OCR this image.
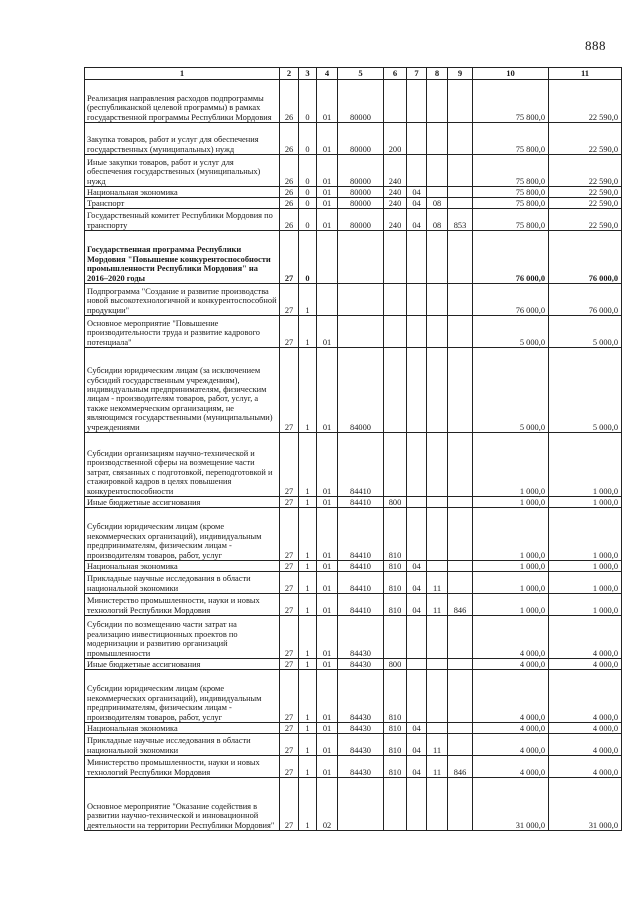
888
1	2	3	4	5	6	7	8	9	10	11
Реализация направления расходов подпрограммы (республиканской целевой программы) в рамках государственной программы Республики Мордовия	26	0	01	80000					75 800,0	22 590,0
Закупка товаров, работ и услуг для обеспечения государственных (муниципальных) нужд	26	0	01	80000	200				75 800,0	22 590,0
Иные закупки товаров, работ и услуг для обеспечения государственных (муниципальных) нужд	26	0	01	80000	240				75 800,0	22 590,0
Национальная экономика	26	0	01	80000	240	04			75 800,0	22 590,0
Транспорт	26	0	01	80000	240	04	08		75 800,0	22 590,0
Государственный комитет Республики Мордовия по транспорту	26	0	01	80000	240	04	08	853	75 800,0	22 590,0
Государственная программа Республики Мордовия "Повышение конкурентоспособности промышленности Республики Мордовия" на 2016–2020 годы	27	0							76 000,0	76 000,0
Подпрограмма "Создание и развитие производства новой высокотехнологичной и конкурентоспособной продукции"	27	1							76 000,0	76 000,0
Основное мероприятие "Повышение производительности труда и развитие кадрового потенциала"	27	1	01						5 000,0	5 000,0
Субсидии юридическим лицам (за исключением субсидий государственным учреждениям), индивидуальным предпринимателям, физическим лицам - производителям товаров, работ, услуг, а также некоммерческим организациям, не являющимся государственными (муниципальными) учреждениями	27	1	01	84000					5 000,0	5 000,0
Субсидии организациям научно-технической и производственной сферы на возмещение части затрат, связанных с подготовкой, переподготовкой и стажировкой кадров в целях повышения конкурентоспособности	27	1	01	84410					1 000,0	1 000,0
Иные бюджетные ассигнования	27	1	01	84410	800				1 000,0	1 000,0
Субсидии юридическим лицам (кроме некоммерческих организаций), индивидуальным предпринимателям, физическим лицам - производителям товаров, работ, услуг	27	1	01	84410	810				1 000,0	1 000,0
Национальная экономика	27	1	01	84410	810	04			1 000,0	1 000,0
Прикладные научные исследования в области национальной экономики	27	1	01	84410	810	04	11		1 000,0	1 000,0
Министерство промышленности, науки и новых технологий Республики Мордовия	27	1	01	84410	810	04	11	846	1 000,0	1 000,0
Субсидии по возмещению части затрат на реализацию инвестиционных проектов по модернизации и развитию организаций промышленности	27	1	01	84430					4 000,0	4 000,0
Иные бюджетные ассигнования	27	1	01	84430	800				4 000,0	4 000,0
Субсидии юридическим лицам (кроме некоммерческих организаций), индивидуальным предпринимателям, физическим лицам - производителям товаров, работ, услуг	27	1	01	84430	810				4 000,0	4 000,0
Национальная экономика	27	1	01	84430	810	04			4 000,0	4 000,0
Прикладные научные исследования в области национальной экономики	27	1	01	84430	810	04	11		4 000,0	4 000,0
Министерство промышленности, науки и новых технологий Республики Мордовия	27	1	01	84430	810	04	11	846	4 000,0	4 000,0
Основное мероприятие "Оказание содействия в развитии научно-технической и инновационной деятельности на территории Республики Мордовия"	27	1	02						31 000,0	31 000,0
